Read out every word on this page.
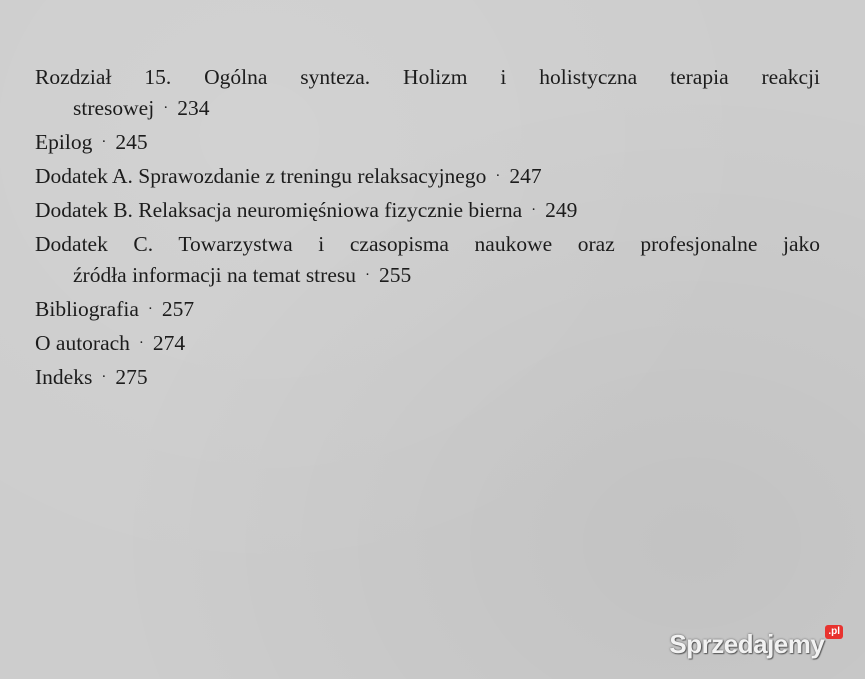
Rozdział 15. Ogólna synteza. Holizm i holistyczna terapia reakcji
stresowej · 234
Epilog · 245
Dodatek A. Sprawozdanie z treningu relaksacyjnego · 247
Dodatek B. Relaksacja neuromięśniowa fizycznie bierna · 249
Dodatek C. Towarzystwa i czasopisma naukowe oraz profesjonalne jako
źródła informacji na temat stresu · 255
Bibliografia · 257
O autorach · 274
Indeks · 275
Sprzedajemy .pl
